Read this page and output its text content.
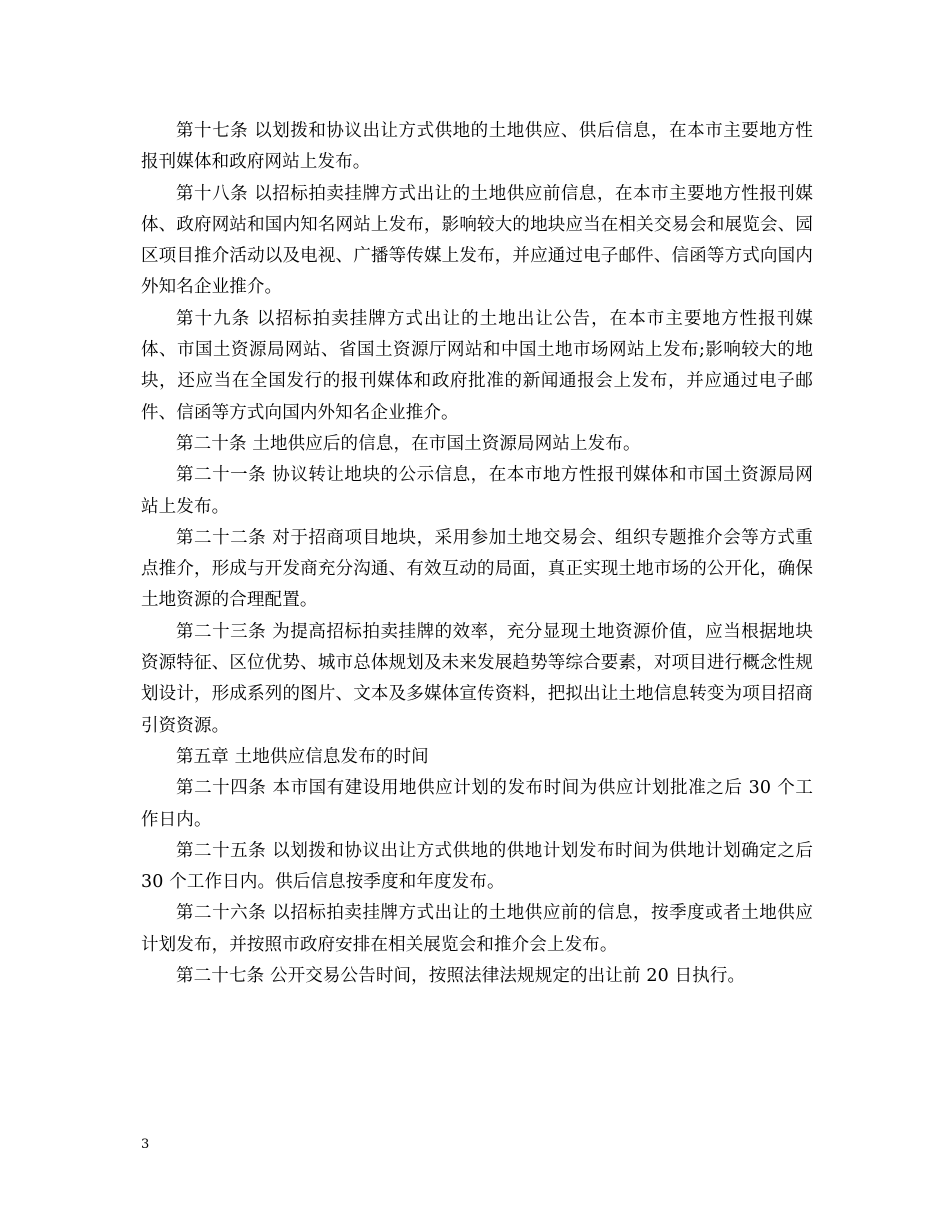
第十七条 以划拨和协议出让方式供地的土地供应、供后信息，在本市主要地方性报刊媒体和政府网站上发布。

第十八条 以招标拍卖挂牌方式出让的土地供应前信息，在本市主要地方性报刊媒体、政府网站和国内知名网站上发布，影响较大的地块应当在相关交易会和展览会、园区项目推介活动以及电视、广播等传媒上发布，并应通过电子邮件、信函等方式向国内外知名企业推介。

第十九条 以招标拍卖挂牌方式出让的土地出让公告，在本市主要地方性报刊媒体、市国土资源局网站、省国土资源厅网站和中国土地市场网站上发布;影响较大的地块，还应当在全国发行的报刊媒体和政府批准的新闻通报会上发布，并应通过电子邮件、信函等方式向国内外知名企业推介。

第二十条 土地供应后的信息，在市国土资源局网站上发布。

第二十一条 协议转让地块的公示信息，在本市地方性报刊媒体和市国土资源局网站上发布。

第二十二条 对于招商项目地块，采用参加土地交易会、组织专题推介会等方式重点推介，形成与开发商充分沟通、有效互动的局面，真正实现土地市场的公开化，确保土地资源的合理配置。

第二十三条 为提高招标拍卖挂牌的效率，充分显现土地资源价值，应当根据地块资源特征、区位优势、城市总体规划及未来发展趋势等综合要素，对项目进行概念性规划设计，形成系列的图片、文本及多媒体宣传资料，把拟出让土地信息转变为项目招商引资资源。

第五章 土地供应信息发布的时间

第二十四条 本市国有建设用地供应计划的发布时间为供应计划批准之后 30 个工作日内。

第二十五条 以划拨和协议出让方式供地的供地计划发布时间为供地计划确定之后 30 个工作日内。供后信息按季度和年度发布。

第二十六条 以招标拍卖挂牌方式出让的土地供应前的信息，按季度或者土地供应计划发布，并按照市政府安排在相关展览会和推介会上发布。

第二十七条 公开交易公告时间，按照法律法规规定的出让前 20 日执行。

3
